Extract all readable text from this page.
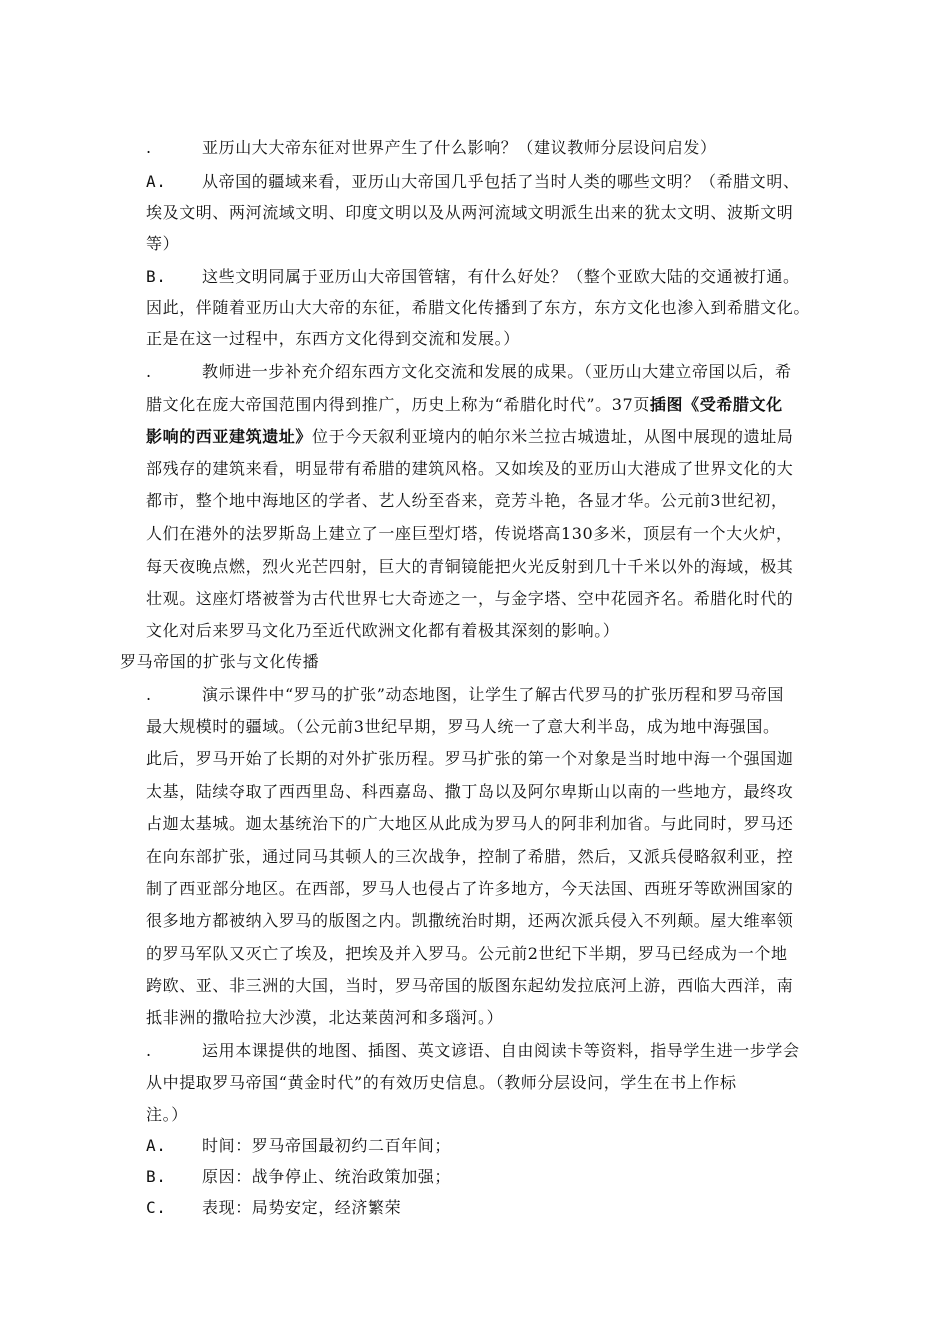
.	亚历山大大帝东征对世界产生了什么影响？（建议教师分层设问启发）
A. 从帝国的疆域来看，亚历山大帝国几乎包括了当时人类的哪些文明？（希腊文明、
埃及文明、两河流域文明、印度文明以及从两河流域文明派生出来的犹太文明、波斯文明
等）
B. 这些文明同属于亚历山大帝国管辖，有什么好处？（整个亚欧大陆的交通被打通。
因此，伴随着亚历山大大帝的东征，希腊文化传播到了东方，东方文化也渗入到希腊文化。
正是在这一过程中，东西方文化得到交流和发展。）
.	教师进一步补充介绍东西方文化交流和发展的成果。（亚历山大建立帝国以后，希
腊文化在庞大帝国范围内得到推广，历史上称为“希腊化时代”。37页插图《受希腊文化
影响的西亚建筑遗址》位于今天叙利亚境内的帕尔米兰拉古城遗址，从图中展现的遗址局
部残存的建筑来看，明显带有希腊的建筑风格。又如埃及的亚历山大港成了世界文化的大
都市，整个地中海地区的学者、艺人纷至沓来，竞芳斗艳，各显才华。公元前3世纪初，
人们在港外的法罗斯岛上建立了一座巨型灯塔，传说塔高130多米，顶层有一个大火炉，
每天夜晚点燃，烈火光芒四射，巨大的青铜镜能把火光反射到几十千米以外的海域，极其
壮观。这座灯塔被誉为古代世界七大奇迹之一，与金字塔、空中花园齐名。希腊化时代的
文化对后来罗马文化乃至近代欧洲文化都有着极其深刻的影响。）
罗马帝国的扩张与文化传播
.	演示课件中“罗马的扩张”动态地图，让学生了解古代罗马的扩张历程和罗马帝国
最大规模时的疆域。（公元前3世纪早期，罗马人统一了意大利半岛，成为地中海强国。
此后，罗马开始了长期的对外扩张历程。罗马扩张的第一个对象是当时地中海一个强国迦
太基，陆续夺取了西西里岛、科西嘉岛、撒丁岛以及阿尔卑斯山以南的一些地方，最终攻
占迦太基城。迦太基统治下的广大地区从此成为罗马人的阿非利加省。与此同时，罗马还
在向东部扩张，通过同马其顿人的三次战争，控制了希腊，然后，又派兵侵略叙利亚，控
制了西亚部分地区。在西部，罗马人也侵占了许多地方，今天法国、西班牙等欧洲国家的
很多地方都被纳入罗马的版图之内。凯撒统治时期，还两次派兵侵入不列颠。屋大维率领
的罗马军队又灭亡了埃及，把埃及并入罗马。公元前2世纪下半期，罗马已经成为一个地
跨欧、亚、非三洲的大国，当时，罗马帝国的版图东起幼发拉底河上游，西临大西洋，南
抵非洲的撒哈拉大沙漠，北达莱茵河和多瑙河。）
.	运用本课提供的地图、插图、英文谚语、自由阅读卡等资料，指导学生进一步学会
从中提取罗马帝国“黄金时代”的有效历史信息。（教师分层设问，学生在书上作标
注。）
A. 时间：罗马帝国最初约二百年间；
B. 原因：战争停止、统治政策加强；
C. 表现：局势安定，经济繁荣
